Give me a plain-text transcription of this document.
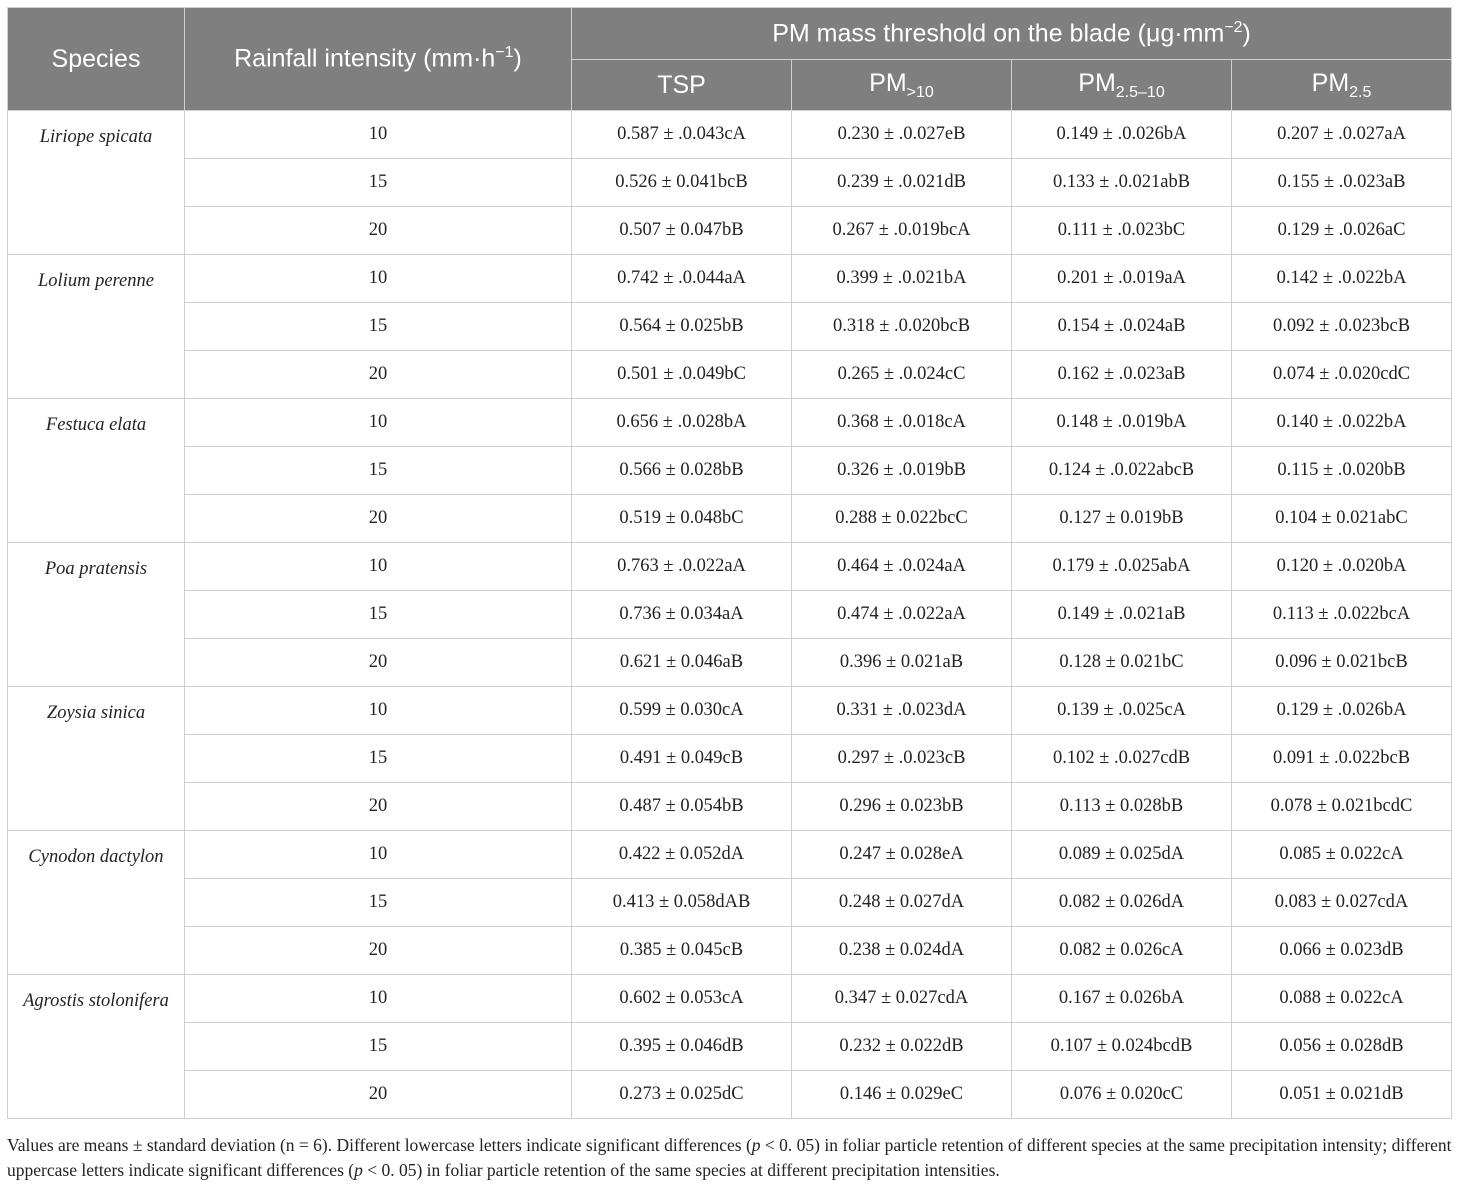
Species	Rainfall intensity $(mm\cdot h^{-1})$	PM mass threshold on the blade $(\mu g\cdot mm^{-2})$			
		TSP	$PM_{>10}$	$PM_{2.5-10}$	$PM_{2.5}$
Liriope spicata	10	0.587 ± .0.043cA	0.230 ± .0.027eB	0.149 ± .0.026bA	0.207 ± .0.027aA
	15	0.526 ± 0.041bcB	0.239 ± .0.021dB	0.133 ± .0.021abB	0.155 ± .0.023aB
	20	0.507 ± 0.047bB	0.267 ± .0.019bcA	0.111 ± .0.023bC	0.129 ± .0.026aC
Lolium perenne	10	0.742 ± .0.044aA	0.399 ± .0.021bA	0.201 ± .0.019aA	0.142 ± .0.022bA
	15	0.564 ± 0.025bB	0.318 ± .0.020bcB	0.154 ± .0.024aB	0.092 ± .0.023bcB
	20	0.501 ± .0.049bC	0.265 ± .0.024cC	0.162 ± .0.023aB	0.074 ± .0.020cdC
Festuca elata	10	0.656 ± .0.028bA	0.368 ± .0.018cA	0.148 ± .0.019bA	0.140 ± .0.022bA
	15	0.566 ± 0.028bB	0.326 ± .0.019bB	0.124 ± .0.022abcB	0.115 ± .0.020bB
	20	0.519 ± 0.048bC	0.288 ± 0.022bcC	0.127 ± 0.019bB	0.104 ± 0.021abC
Poa pratensis	10	0.763 ± .0.022aA	0.464 ± .0.024aA	0.179 ± .0.025abA	0.120 ± .0.020bA
	15	0.736 ± 0.034aA	0.474 ± .0.022aA	0.149 ± .0.021aB	0.113 ± .0.022bcA
	20	0.621 ± 0.046aB	0.396 ± 0.021aB	0.128 ± 0.021bC	0.096 ± 0.021bcB
Zoysia sinica	10	0.599 ± 0.030cA	0.331 ± .0.023dA	0.139 ± .0.025cA	0.129 ± .0.026bA
	15	0.491 ± 0.049cB	0.297 ± .0.023cB	0.102 ± .0.027cdB	0.091 ± .0.022bcB
	20	0.487 ± 0.054bB	0.296 ± 0.023bB	0.113 ± 0.028bB	0.078 ± 0.021bcdC
Cynodon dactylon	10	0.422 ± 0.052dA	0.247 ± 0.028eA	0.089 ± 0.025dA	0.085 ± 0.022cA
	15	0.413 ± 0.058dAB	0.248 ± 0.027dA	0.082 ± 0.026dA	0.083 ± 0.027cdA
	20	0.385 ± 0.045cB	0.238 ± 0.024dA	0.082 ± 0.026cA	0.066 ± 0.023dB
Agrostis stolonifera	10	0.602 ± 0.053cA	0.347 ± 0.027cdA	0.167 ± 0.026bA	0.088 ± 0.022cA
	15	0.395 ± 0.046dB	0.232 ± 0.022dB	0.107 ± 0.024bcdB	0.056 ± 0.028dB
	20	0.273 ± 0.025dC	0.146 ± 0.029eC	0.076 ± 0.020cC	0.051 ± 0.021dB
Values are means ± standard deviation (n = 6). Different lowercase letters indicate significant differences (p < 0. 05) in foliar particle retention of different species at the same precipitation intensity; different uppercase letters indicate significant differences (p < 0. 05) in foliar particle retention of the same species at different precipitation intensities.
